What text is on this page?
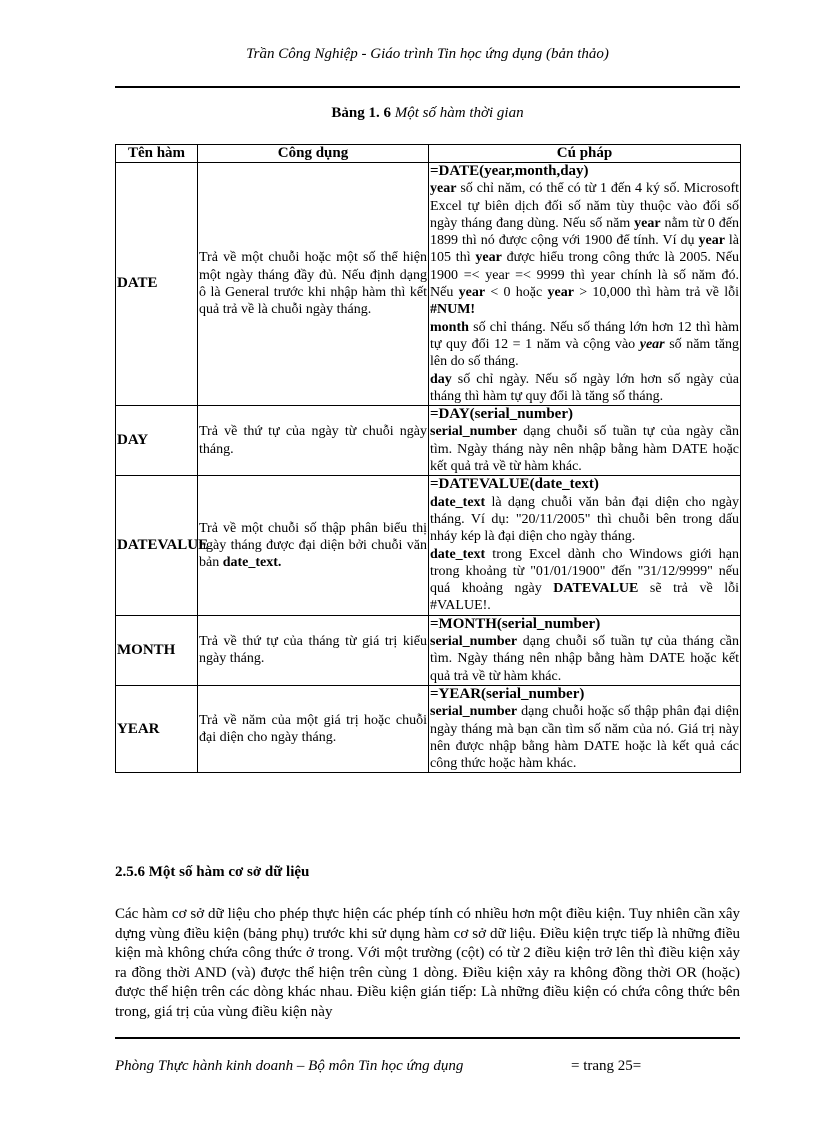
Trần Công Nghiệp - Giáo trình Tin học ứng dụng (bản thảo)
Bảng 1. 6 Một số hàm thời gian
Tên hàm	Công dụng	Cú pháp
DATE	Trả về một chuỗi hoặc một số thể hiện một ngày tháng đầy đủ. Nếu định dạng ô là General trước khi nhập hàm thì kết quả trả về là chuỗi ngày tháng.	=DATE(year,month,day)
year số chỉ năm, có thể có từ 1 đến 4 ký số. Microsoft Excel tự biên dịch đối số năm tùy thuộc vào đối số ngày tháng đang dùng. Nếu số năm year nằm từ 0 đến 1899 thì nó được cộng với 1900 để tính. Ví dụ year là 105 thì year được hiểu trong công thức là 2005. Nếu 1900 =< year =< 9999 thì year chính là số năm đó. Nếu year < 0 hoặc year > 10,000 thì hàm trả về lỗi #NUM!
month số chỉ tháng. Nếu số tháng lớn hơn 12 thì hàm tự quy đổi 12 = 1 năm và cộng vào year số năm tăng lên do số tháng.
day số chỉ ngày. Nếu số ngày lớn hơn số ngày của tháng thì hàm tự quy đổi là tăng số tháng.

DAY	Trả về thứ tự của ngày từ chuỗi ngày tháng.	=DAY(serial_number)
serial_number dạng chuỗi số tuần tự của ngày cần tìm. Ngày tháng này nên nhập bằng hàm DATE hoặc kết quả trả về từ hàm khác.

DATEVALUE	Trả về một chuỗi số thập phân biểu thị ngày tháng được đại diện bởi chuỗi văn bản date_text.	=DATEVALUE(date_text)
date_text là dạng chuỗi văn bản đại diện cho ngày tháng. Ví dụ: "20/11/2005" thì chuỗi bên trong dấu nháy kép là đại diện cho ngày tháng.
date_text trong Excel dành cho Windows giới hạn trong khoảng từ "01/01/1900" đến "31/12/9999" nếu quá khoảng ngày DATEVALUE sẽ trả về lỗi #VALUE!.

MONTH	Trả về thứ tự của tháng từ giá trị kiểu ngày tháng.	=MONTH(serial_number)
serial_number dạng chuỗi số tuần tự của tháng cần tìm. Ngày tháng nên nhập bằng hàm DATE hoặc kết quả trả về từ hàm khác.

YEAR	Trả về năm của một giá trị hoặc chuỗi đại diện cho ngày tháng.	=YEAR(serial_number)
serial_number dạng chuỗi hoặc số thập phân đại diện ngày tháng mà bạn cần tìm số năm của nó. Giá trị này nên được nhập bằng hàm DATE hoặc là kết quả các công thức hoặc hàm khác.
2.5.6 Một số hàm cơ sở dữ liệu
Các hàm cơ sở dữ liệu cho phép thực hiện các phép tính có nhiều hơn một điều kiện. Tuy nhiên cần xây dựng vùng điều kiện (bảng phụ) trước khi sử dụng hàm cơ sở dữ liệu. Điều kiện trực tiếp là những điều kiện mà không chứa công thức ở trong. Với một trường (cột) có từ 2 điều kiện trở lên thì điều kiện xảy ra đồng thời AND (và) được thể hiện trên cùng 1 dòng. Điều kiện xảy ra không đồng thời OR (hoặc) được thể hiện trên các dòng khác nhau. Điều kiện gián tiếp: Là những điều kiện có chứa công thức bên trong, giá trị của vùng điều kiện này
Phòng Thực hành kinh doanh – Bộ môn Tin học ứng dụng	= trang 25=
